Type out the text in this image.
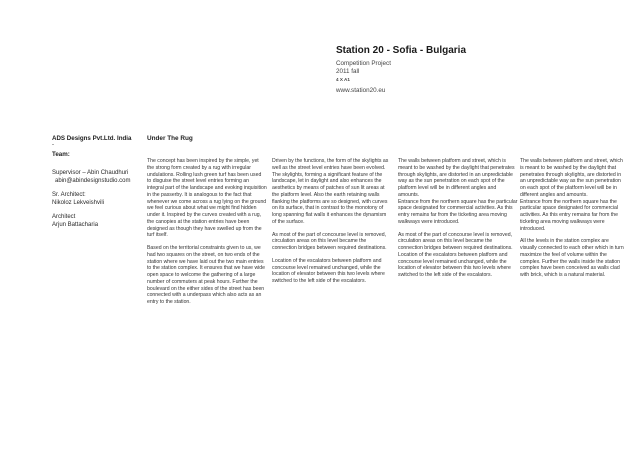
Station 20 - Sofia - Bulgaria

Competition Project

2011 fall

4 X A1

www.station20.eu

ADS Designs Pvt.Ltd. India

-

Team:

Supervisor – Abin Chaudhuri

abin@abindesignstudio.com

Sr. Architect:

Nikoloz Lekveishvili

Architect

Arjun Battacharia

Under The Rug

The concept has been inspired by the simple, yet the strong form created by a rug with irregular undulations. Rolling lush green turf has been used to disguise the street level entries forming an integral part of the landscape and evoking inquisition in the passerby. It is analogous to the fact that whenever we come across a rug lying on the ground we feel curious about what we might find hidden under it. Inspired by the curves created with a rug, the canopies at the station entries have been designed as though they have swelled up from the turf itself.

Based on the territorial constraints given to us, we had two squares on the street, on two ends of the station where we have laid out the two main entries to the station complex. It ensures that we have wide open space to welcome the gathering of a large number of commuters at peak hours. Further the boulevard on the either sides of the street has been connected with a underpass which also acts as an entry to the station.

Driven by the functions, the form of the skylights as well as the street level entries have been evolved. The skylights, forming a significant feature of the landscape, let in daylight and also enhances the aesthetics by means of patches of sun lit areas at the platform level. Also the earth retaining walls flanking the platforms are so designed, with curves on its surface, that in contrast to the monotony of long spanning flat walls it enhances the dynamism of the surface.

As most of the part of concourse level is removed, circulation areas on this level became the connection bridges between required destinations.

Location of the escalators between platform and concourse level remained unchanged, while the location of elevator between this two levels where switched to the left side of the escalators.

The walls between platform and street, which is meant to be washed by the daylight that penetrates through skylights, are distorted in an unpredictable way as the sun penetration on each spot of the platform level will be in different angles and amounts.

Entrance from the northern square has the particular space designated for commercial activities. As this entry remains far from the ticketing area moving walkways were introduced.

As most of the part of concourse level is removed, circulation areas on this level became the connection bridges between required destinations.

Location of the escalators between platform and concourse level remained unchanged, while the location of elevator between this two levels where switched to the left side of the escalators.

The walls between platform and street, which is meant to be washed by the daylight that penetrates through skylights, are distorted in an unpredictable way as the sun penetration on each spot of the platform level will be in different angles and amounts.

Entrance from the northern square has the particular space designated for commercial activities. As this entry remains far from the ticketing area moving walkways were introduced.

All the levels in the station complex are visually connected to each other which in turn maximize the feel of volume within the complex. Further the walls inside the station complex have been conceived as walls clad with brick, which is a natural material.
